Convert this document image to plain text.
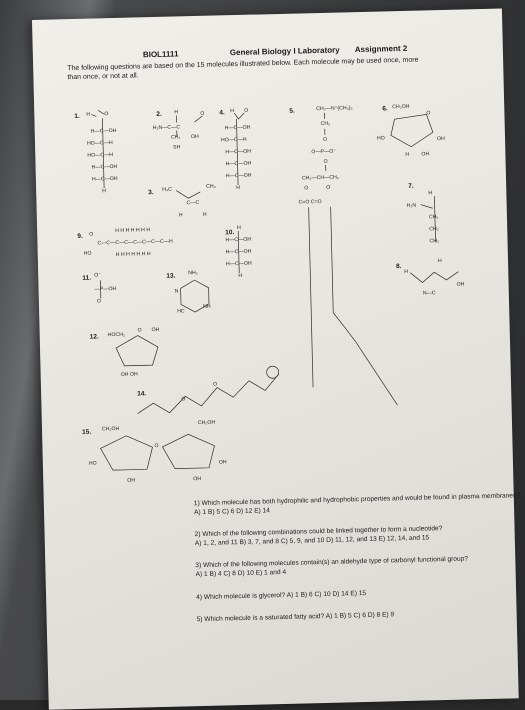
BIOL1111	General Biology I Laboratory Assignment 2
The following questions are based on the 15 molecules illustrated below. Each molecule may be used once, more
than once, or not at all.
1.	2.
3.
4.	5.	6.
7.
8.
9.
10.
11.
12.
13.
14.
15.
H	O
H—C—OH
HO—C—H
HO—C—H
H—C—OH
H—C—OH
H
H
H₂N—C—C
O
OH
CH₂
SH
H₃C	CH₃
C—C
H	H
H O
H—C—OH
HO—C—H
H—C—OH
H—C—OH
H—C—OH
H
CH₂—N⁺(CH₃)₃
CH₂
O
O—P—O⁻
O
CH₂—CH—CH₂
O	O
C=O C=O
CH₂OH
O
HO	OH
H OH
H
H₂N
CH₂
CH₂
CH₂
H
N—C
OH
H
O
HO
H H H H H H H
C—C—C—C—C—C—C—C—H
H H H H H H H
H
H—C—OH
H—C—OH
H—C—OH
H
O⁻
—P—OH
O
NH₂
N
NH
HC
HOCH₂
O OH
OH OH
O
O
CH₂OH
CH₂OH
HO
O
OH
OH	OH
1) Which molecule has both hydrophilic and hydrophobic properties and would be found in plasma membranes?
A) 1 B) 5 C) 6 D) 12 E) 14
2) Which of the following combinations could be linked together to form a nucleotide?
A) 1, 2, and 11 B) 3, 7, and 8 C) 5, 9, and 10 D) 11, 12, and 13 E) 12, 14, and 15
3) Which of the following molecules contain(s) an aldehyde type of carbonyl functional group?
A) 1 B) 4 C) 8 D) 10 E) 1 and 4
4) Which molecule is glycerol? A) 1 B) 6 C) 10 D) 14 E) 15
5) Which molecule is a saturated fatty acid? A) 1 B) 5 C) 6 D) 8 E) 9
